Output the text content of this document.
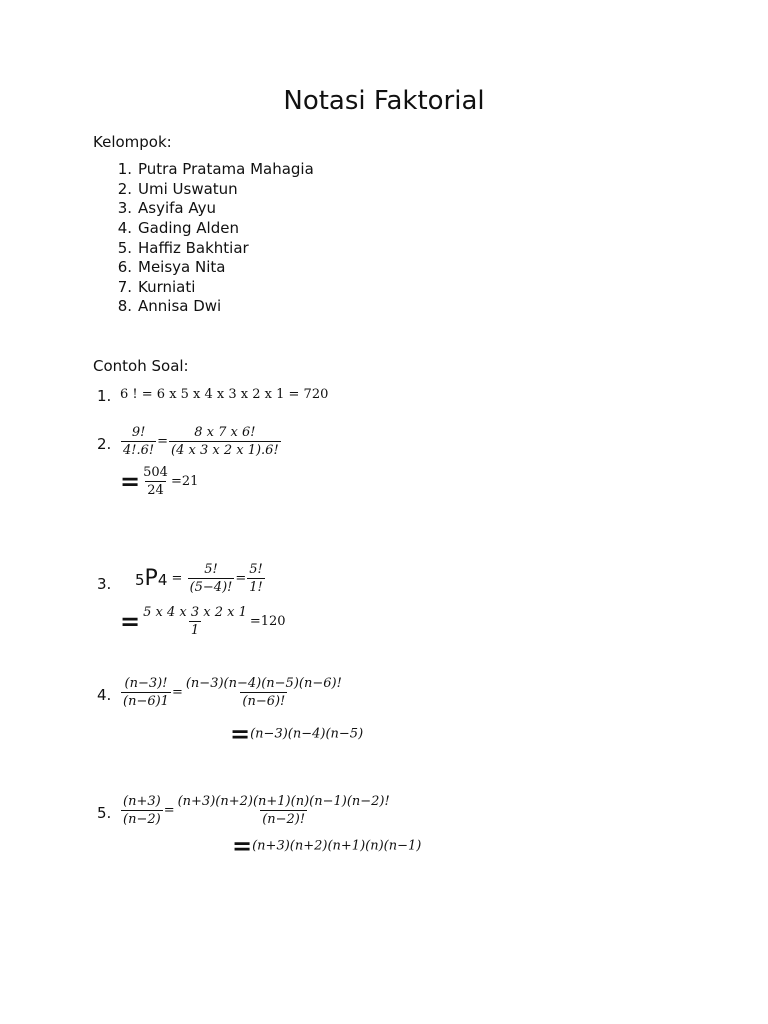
Notasi Faktorial
Kelompok:
1. Putra Pratama Mahagia
2. Umi Uswatun
3. Asyifa Ayu
4. Gading Alden
5. Haffiz Bakhtiar
6. Meisya Nita
7. Kurniati
8. Annisa Dwi
Contoh Soal:
1. 6 ! = 6 x 5 x 4 x 3 x 2 x 1 = 720
2. $\frac{9!}{4!.6!} = \frac{8 x 7 x 6!}{(4 x 3 x 2 x 1).6!}$
= $\frac{504}{24} =21$
3. $5P4 = \frac{5!}{(5-4)!} = \frac{5!}{1!}$
= $\frac{5 x 4 x 3 x 2 x 1}{1} =120$
4. $\frac{(n-3)!}{(n-6)1} = \frac{(n-3)(n-4)(n-5)(n-6)!}{(n-6)!}$
=(n−3)(n−4)(n−5)
5. $\frac{(n+3)}{(n-2)} = \frac{(n+3)(n+2)(n+1)(n)(n-1)(n-2)!}{(n-2)!}$
=(n+3)(n+2)(n+1)(n)(n−1)
